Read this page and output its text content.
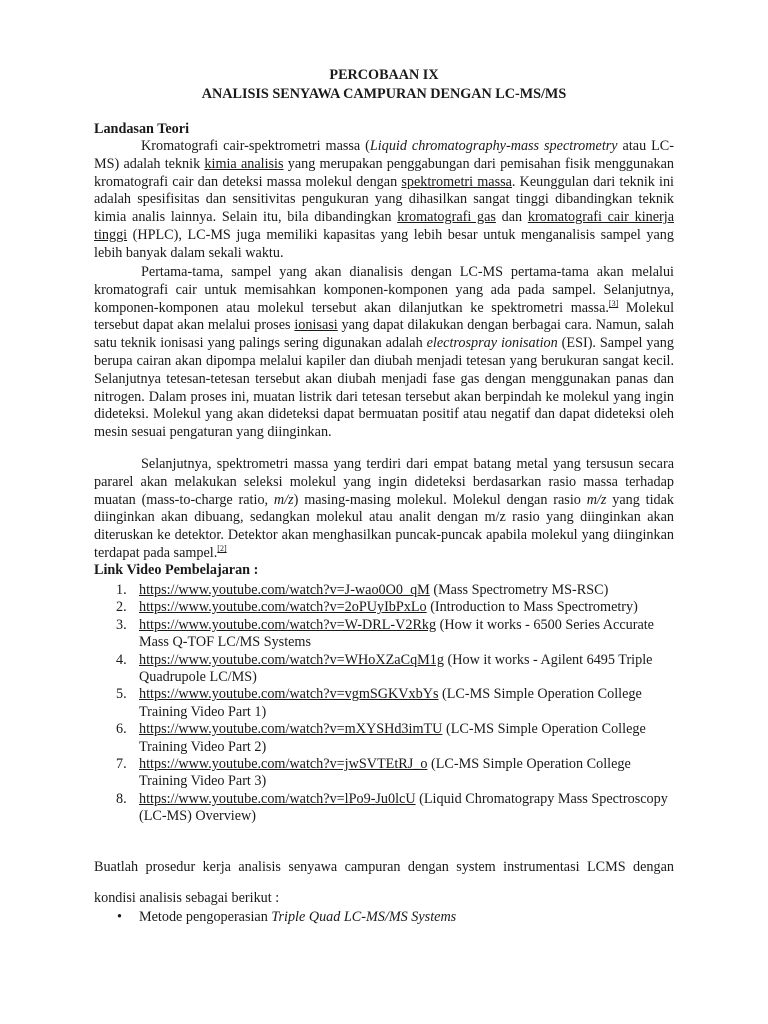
PERCOBAAN IX
ANALISIS SENYAWA CAMPURAN DENGAN LC-MS/MS
Landasan Teori

Kromatografi cair-spektrometri massa (Liquid chromatography-mass spectrometry atau LC-MS) adalah teknik kimia analisis yang merupakan penggabungan dari pemisahan fisik menggunakan kromatografi cair dan deteksi massa molekul dengan spektrometri massa. Keunggulan dari teknik ini adalah spesifisitas dan sensitivitas pengukuran yang dihasilkan sangat tinggi dibandingkan teknik kimia analis lainnya. Selain itu, bila dibandingkan kromatografi gas dan kromatografi cair kinerja tinggi (HPLC), LC-MS juga memiliki kapasitas yang lebih besar untuk menganalisis sampel yang lebih banyak dalam sekali waktu.

Pertama-tama, sampel yang akan dianalisis dengan LC-MS pertama-tama akan melalui kromatografi cair untuk memisahkan komponen-komponen yang ada pada sampel. Selanjutnya, komponen-komponen atau molekul tersebut akan dilanjutkan ke spektrometri massa.[3] Molekul tersebut dapat akan melalui proses ionisasi yang dapat dilakukan dengan berbagai cara. Namun, salah satu teknik ionisasi yang palings sering digunakan adalah electrospray ionisation (ESI). Sampel yang berupa cairan akan dipompa melalui kapiler dan diubah menjadi tetesan yang berukuran sangat kecil. Selanjutnya tetesan-tetesan tersebut akan diubah menjadi fase gas dengan menggunakan panas dan nitrogen. Dalam proses ini, muatan listrik dari tetesan tersebut akan berpindah ke molekul yang ingin dideteksi. Molekul yang akan dideteksi dapat bermuatan positif atau negatif dan dapat dideteksi oleh mesin sesuai pengaturan yang diinginkan.

Selanjutnya, spektrometri massa yang terdiri dari empat batang metal yang tersusun secara pararel akan melakukan seleksi molekul yang ingin dideteksi berdasarkan rasio massa terhadap muatan (mass-to-charge ratio, m/z) masing-masing molekul. Molekul dengan rasio m/z yang tidak diinginkan akan dibuang, sedangkan molekul atau analit dengan m/z rasio yang diinginkan akan diteruskan ke detektor. Detektor akan menghasilkan puncak-puncak apabila molekul yang diinginkan terdapat pada sampel.[2]

Link Video Pembelajaran :
1. https://www.youtube.com/watch?v=J-wao0O0_qM (Mass Spectrometry MS-RSC)
2. https://www.youtube.com/watch?v=2oPUyIbPxLo (Introduction to Mass Spectrometry)
3. https://www.youtube.com/watch?v=W-DRL-V2Rkg (How it works - 6500 Series Accurate Mass Q-TOF LC/MS Systems
4. https://www.youtube.com/watch?v=WHoXZaCqM1g (How it works - Agilent 6495 Triple Quadrupole LC/MS)
5. https://www.youtube.com/watch?v=vgmSGKVxbYs (LC-MS Simple Operation College Training Video Part 1)
6. https://www.youtube.com/watch?v=mXYSHd3imTU (LC-MS Simple Operation College Training Video Part 2)
7. https://www.youtube.com/watch?v=jwSVTEtRJ_o (LC-MS Simple Operation College Training Video Part 3)
8. https://www.youtube.com/watch?v=lPo9-Ju0lcU (Liquid Chromatograpy Mass Spectroscopy (LC-MS) Overview)

Buatlah prosedur kerja analisis senyawa campuran dengan system instrumentasi LCMS dengan kondisi analisis sebagai berikut :

• Metode pengoperasian Triple Quad LC-MS/MS Systems
